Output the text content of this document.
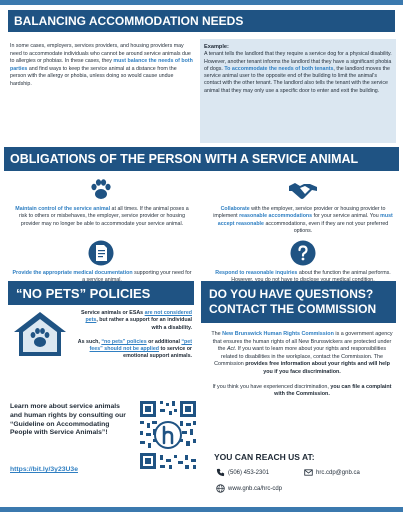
BALANCING ACCOMMODATION NEEDS
In some cases, employers, services providers, and housing providers may need to accommodate individuals who cannot be around service animals due to allergies or phobias. In these cases, they must balance the needs of both parties and find ways to keep the service animal at a distance from the person with the allergy or phobia, unless doing so would cause undue hardship.
Example:
A tenant tells the landlord that they require a service dog for a physical disability. However, another tenant informs the landlord that they have a significant phobia of dogs. To accommodate the needs of both tenants, the landlord moves the service animal user to the opposite end of the building to limit the animal's contact with the other tenant. The landlord also tells the tenant with the service animal that they may only use a specific door to enter and exit the building.
OBLIGATIONS OF THE PERSON WITH A SERVICE ANIMAL
Maintain control of the service animal at all times. If the animal poses a risk to others or misbehaves, the employer, service provider or housing provider may no longer be able to accommodate your service animal.
Collaborate with the employer, service provider or housing provider to implement reasonable accommodations for your service animal. You must accept reasonable accommodations, even if they are not your preferred options.
Provide the appropriate medical documentation supporting your need for	Respond to reasonable inquiries about the function the animal performs.
“NO PETS” POLICIES

Service animals or ESAs are not considered pets, but rather a support for an individual with a disability.

As such, “no pets” policies or additional “pet fees” should not be applied to service or emotional support animals.

Learn more about service animals and human rights by consulting our “Guideline on Accommodating People with Service Animals”!
https://bit.ly/3y23U3e
DO YOU HAVE QUESTIONS?
CONTACT THE COMMISSION

The New Brunswick Human Rights Commission is a government agency that ensures the human rights of all New Brunswickers are protected under the Act. If you want to learn more about your rights and responsibilities related to disabilities in the workplace, contact the Commission. The Commission provides free information about your rights and will help you if you face discrimination.

If you think you have experienced discrimination, you can file a complaint with the Commission.

YOU CAN REACH US AT:
(506) 453-2301	hrc.cdp@gnb.ca
www.gnb.ca/hrc-cdp
